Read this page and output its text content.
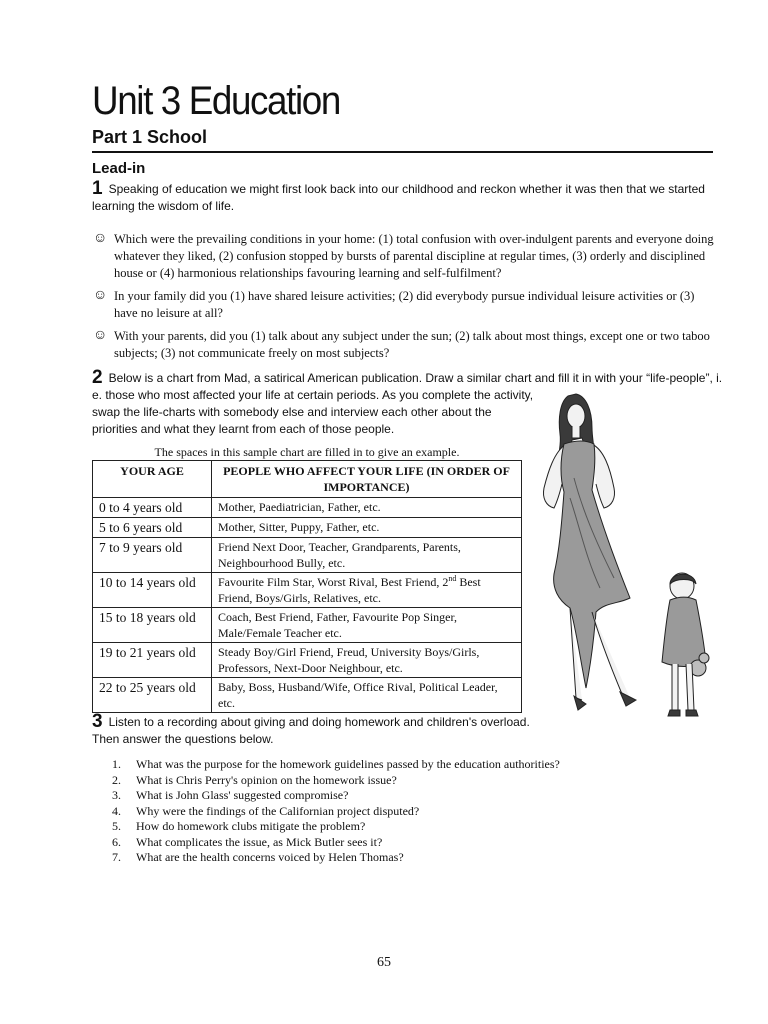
Unit 3 Education
Part 1 School
Lead-in
1 Speaking of education we might first look back into our childhood and reckon whether it was then that we started learning the wisdom of life.
☺ Which were the prevailing conditions in your home: (1) total confusion with over-indulgent parents and everyone doing whatever they liked, (2) confusion stopped by bursts of parental discipline at regular times, (3) orderly and disciplined house or (4) harmonious relationships favouring learning and self-fulfilment?
☺ In your family did you (1) have shared leisure activities; (2) did everybody pursue individual leisure activities or (3) have no leisure at all?
☺ With your parents, did you (1) talk about any subject under the sun; (2) talk about most things, except one or two taboo subjects; (3) not communicate freely on most subjects?
2 Below is a chart from Mad, a satirical American publication. Draw a similar chart and fill it in with your “life-people”, i.
e. those who most affected your life at certain periods. As you complete the activity,
swap the life-charts with somebody else and interview each other about the
priorities and what they learnt from each of those people.
The spaces in this sample chart are filled in to give an example.
YOUR AGE	PEOPLE WHO AFFECT YOUR LIFE (IN ORDER OF IMPORTANCE)
0 to 4 years old	Mother, Paediatrician, Father, etc.
5 to 6 years old	Mother, Sitter, Puppy, Father, etc.
7 to 9 years old	Friend Next Door, Teacher, Grandparents, Parents, Neighbourhood Bully, etc.
10 to 14 years old	Favourite Film Star, Worst Rival, Best Friend, 2nd Best Friend, Boys/Girls, Relatives, etc.
15 to 18 years old	Coach, Best Friend, Father, Favourite Pop Singer, Male/Female Teacher etc.
19 to 21 years old	Steady Boy/Girl Friend, Freud, University Boys/Girls, Professors, Next-Door Neighbour, etc.
22 to 25 years old	Baby, Boss, Husband/Wife, Office Rival, Political Leader, etc.
3 Listen to a recording about giving and doing homework and children's overload.
Then answer the questions below.
1. What was the purpose for the homework guidelines passed by the education authorities?
2. What is Chris Perry's opinion on the homework issue?
3. What is John Glass' suggested compromise?
4. Why were the findings of the Californian project disputed?
5. How do homework clubs mitigate the problem?
6. What complicates the issue, as Mick Butler sees it?
7. What are the health concerns voiced by Helen Thomas?
65
